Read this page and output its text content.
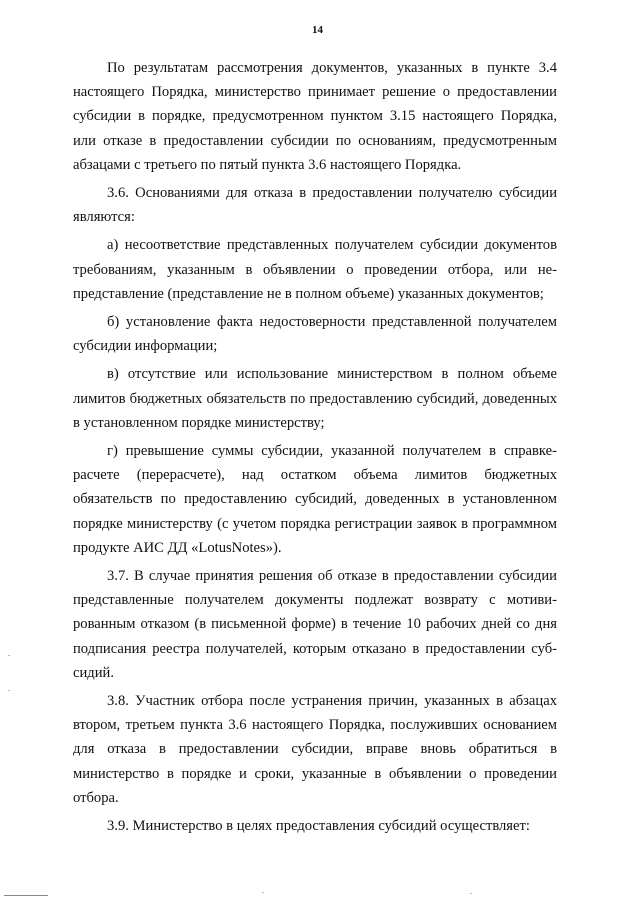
14

По результатам рассмотрения документов, указанных в пункте 3.4 настоящего Порядка, министерство принимает решение о предоставлении субсидии в порядке, предусмотренном пунктом 3.15 настоящего Порядка, или отказе в предоставлении субсидии по основаниям, предусмотренным абзацами с третьего по пятый пункта 3.6 настоящего Порядка.

3.6. Основаниями для отказа в предоставлении получателю субсидии являются:

а) несоответствие представленных получателем субсидии документов требованиям, указанным в объявлении о проведении отбора, или непредставление (представление не в полном объеме) указанных документов;

б) установление факта недостоверности представленной получателем субсидии информации;

в) отсутствие или использование министерством в полном объеме лимитов бюджетных обязательств по предоставлению субсидий, доведенных в установленном порядке министерству;

г) превышение суммы субсидии, указанной получателем в справке-расчете (перерасчете), над остатком объема лимитов бюджетных обязательств по предоставлению субсидий, доведенных в установленном порядке министерству (с учетом порядка регистрации заявок в программном продукте АИС ДД «LotusNotes»).

3.7. В случае принятия решения об отказе в предоставлении субсидии представленные получателем документы подлежат возврату с мотивированным отказом (в письменной форме) в течение 10 рабочих дней со дня подписания реестра получателей, которым отказано в предоставлении субсидий.

3.8. Участник отбора после устранения причин, указанных в абзацах втором, третьем пункта 3.6 настоящего Порядка, послуживших основанием для отказа в предоставлении субсидии, вправе вновь обратиться в министерство в порядке и сроки, указанные в объявлении о проведении отбора.

3.9. Министерство в целях предоставления субсидий осуществляет:
